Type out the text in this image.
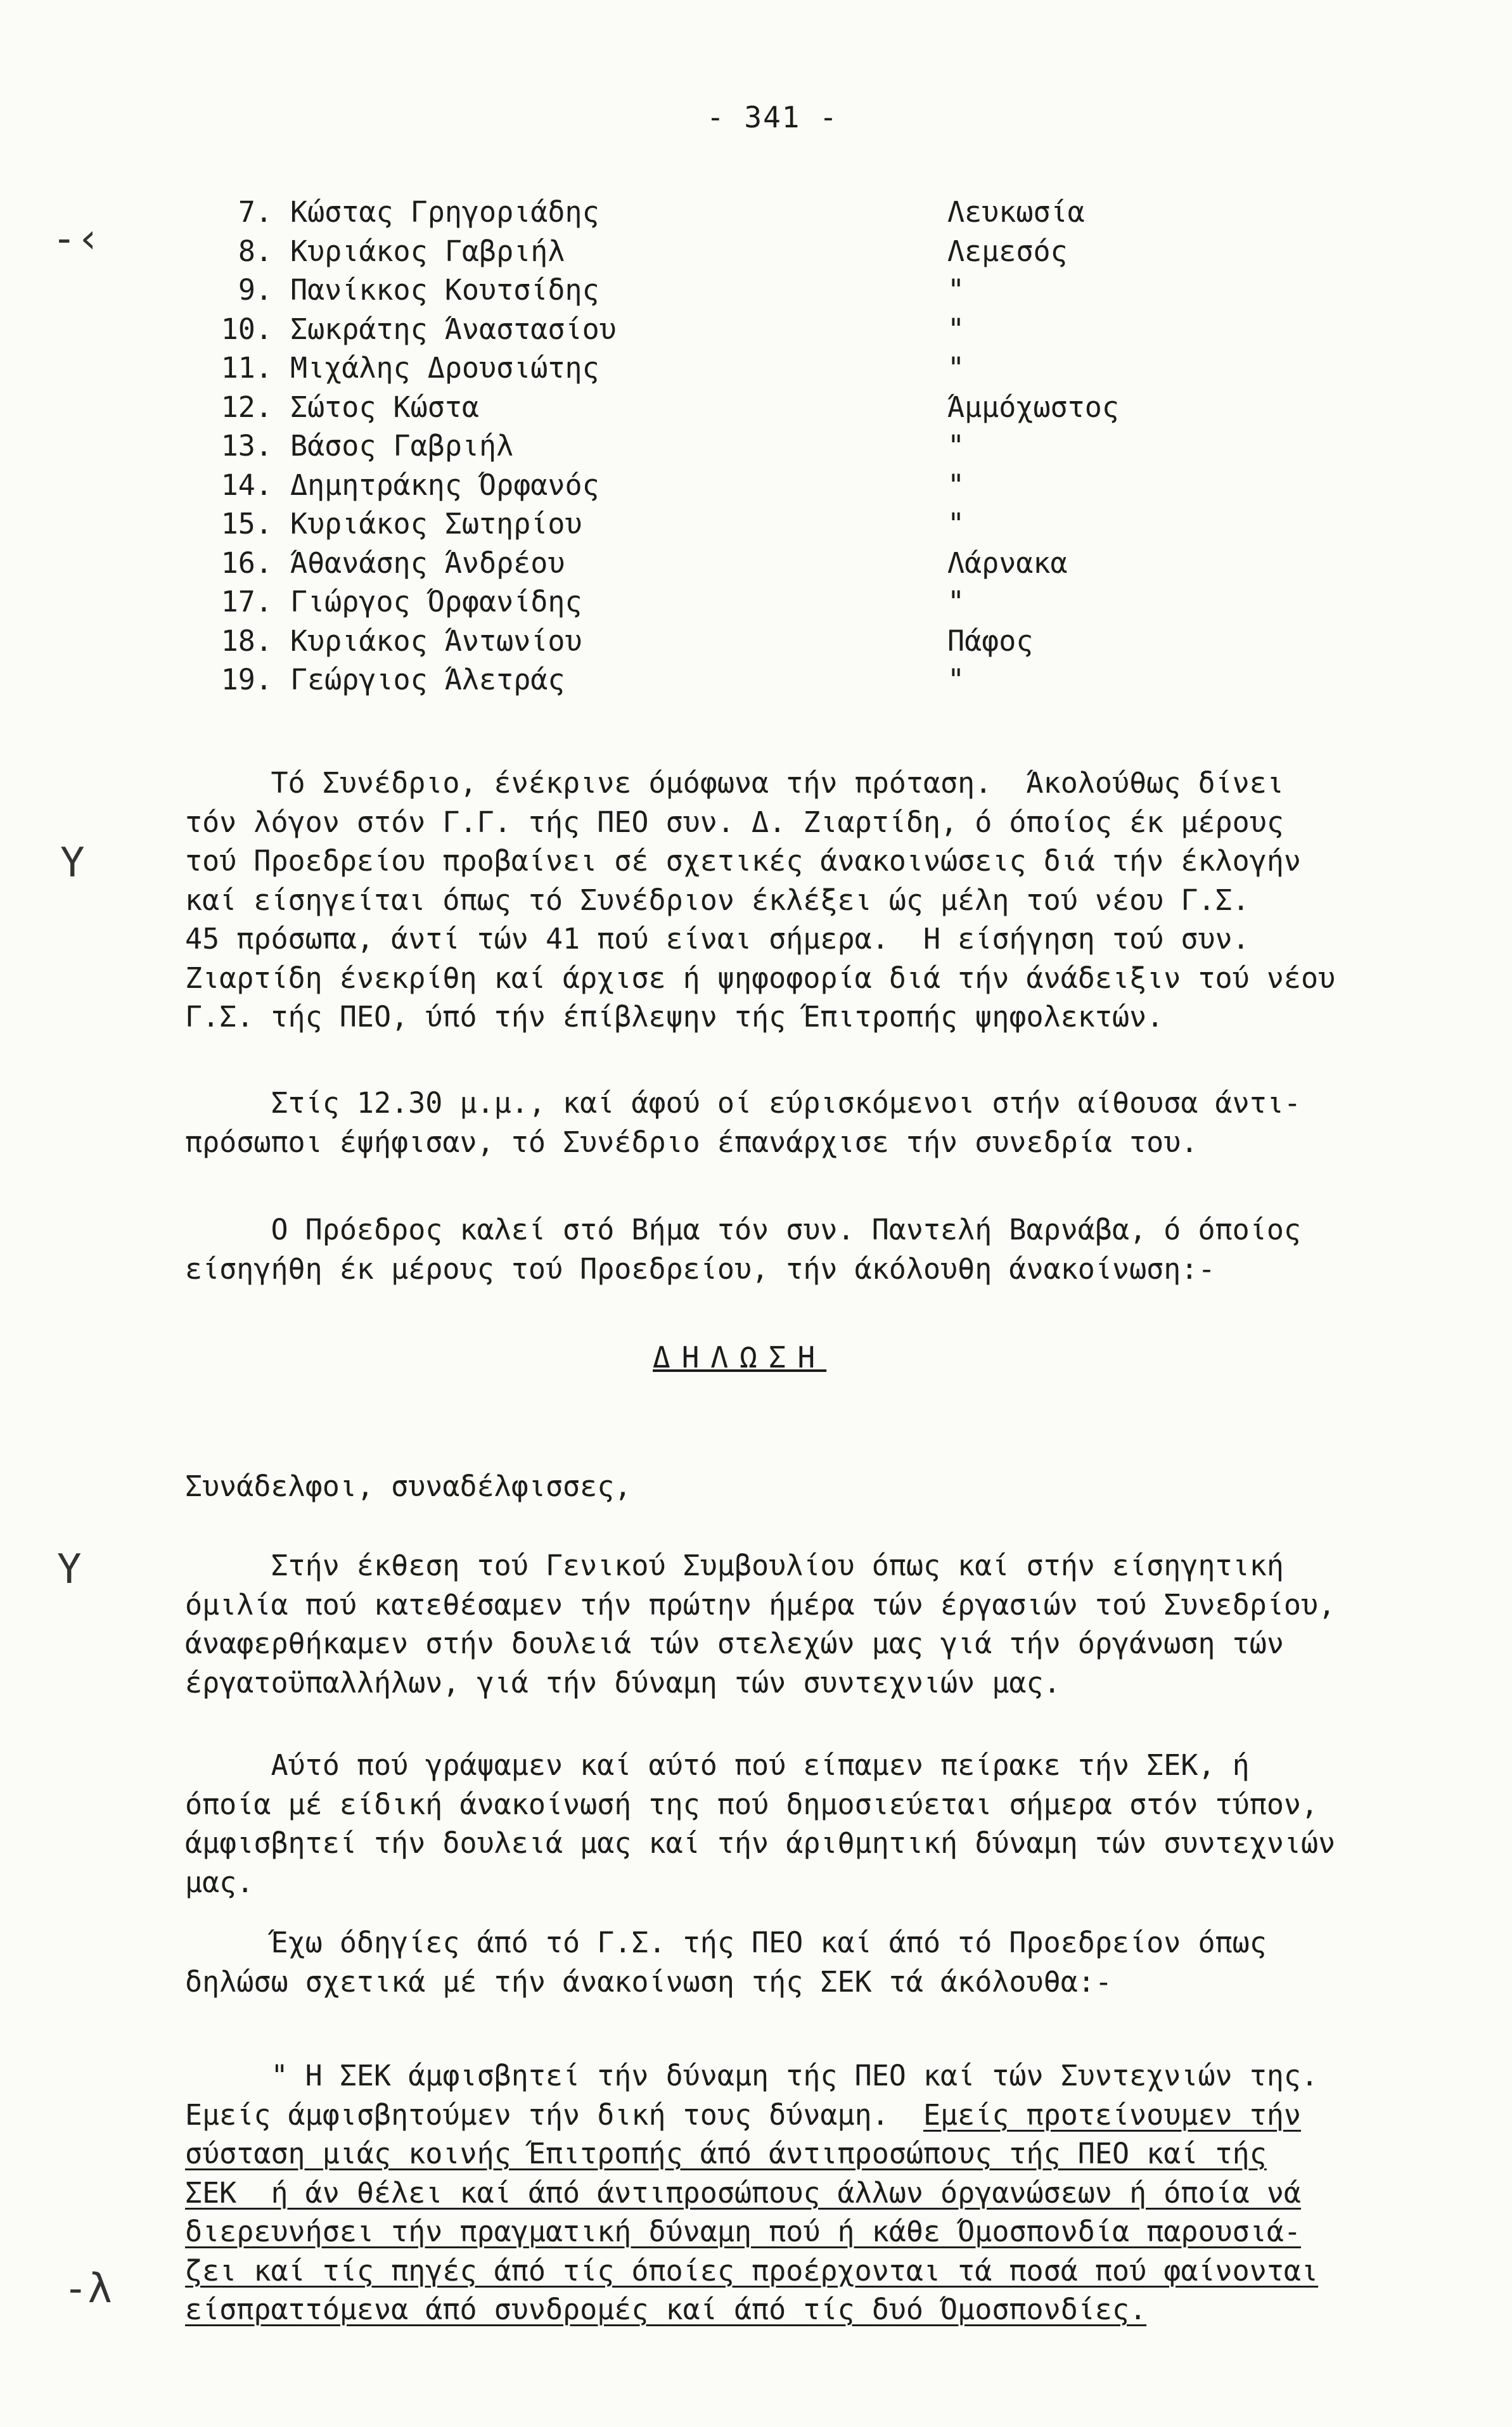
- 341 -
-‹
Y
Y
-λ
7. Κώστας Γρηγοριάδης	Λευκωσία
8. Κυριάκος Γαβριήλ	Λεμεσός
9. Πανίκκος Κουτσίδης	"
10. Σωκράτης Άναστασίου	"
11. Μιχάλης Δρουσιώτης	"
12. Σώτος Κώστα	Άμμόχωστος
13. Βάσος Γαβριήλ	"
14. Δημητράκης Όρφανός	"
15. Κυριάκος Σωτηρίου	"
16. Άθανάσης Άνδρέου	Λάρνακα
17. Γιώργος Όρφανίδης	"
18. Κυριάκος Άντωνίου	Πάφος
19. Γεώργιος Άλετράς	"
Τό Συνέδριο, ένέκρινε όμόφωνα τήν πρόταση.  Άκολούθως δίνει
τόν λόγον στόν Γ.Γ. τής ΠΕΟ συν. Δ. Ζιαρτίδη, ό όποίος έκ μέρους
τού Προεδρείου προβαίνει σέ σχετικές άνακοινώσεις διά τήν έκλογήν
καί είσηγείται όπως τό Συνέδριον έκλέξει ώς μέλη τού νέου Γ.Σ.
45 πρόσωπα, άντί τών 41 πού είναι σήμερα.  Η είσήγηση τού συν.
Ζιαρτίδη ένεκρίθη καί άρχισε ή ψηφοφορία διά τήν άνάδειξιν τού νέου
Γ.Σ. τής ΠΕΟ, ύπό τήν έπίβλεψην τής Έπιτροπής ψηφολεκτών.
Στίς 12.30 μ.μ., καί άφού οί εύρισκόμενοι στήν αίθουσα άντι-
πρόσωποι έψήφισαν, τό Συνέδριο έπανάρχισε τήν συνεδρία του.
Ο Πρόεδρος καλεί στό Βήμα τόν συν. Παντελή Βαρνάβα, ό όποίος
είσηγήθη έκ μέρους τού Προεδρείου, τήν άκόλουθη άνακοίνωση:-
ΔΗΛΩΣΗ
Συνάδελφοι, συναδέλφισσες,
Στήν έκθεση τού Γενικού Συμβουλίου όπως καί στήν είσηγητική
όμιλία πού κατεθέσαμεν τήν πρώτην ήμέρα τών έργασιών τού Συνεδρίου,
άναφερθήκαμεν στήν δουλειά τών στελεχών μας γιά τήν όργάνωση τών
έργατοϋπαλλήλων, γιά τήν δύναμη τών συντεχνιών μας.
Αύτό πού γράψαμεν καί αύτό πού είπαμεν πείρακε τήν ΣΕΚ, ή
όποία μέ είδική άνακοίνωσή της πού δημοσιεύεται σήμερα στόν τύπον,
άμφισβητεί τήν δουλειά μας καί τήν άριθμητική δύναμη τών συντεχνιών
μας.
Έχω όδηγίες άπό τό Γ.Σ. τής ΠΕΟ καί άπό τό Προεδρείον όπως
δηλώσω σχετικά μέ τήν άνακοίνωση τής ΣΕΚ τά άκόλουθα:-
" Η ΣΕΚ άμφισβητεί τήν δύναμη τής ΠΕΟ καί τών Συντεχνιών της.
Εμείς άμφισβητούμεν τήν δική τους δύναμη.  Εμείς προτείνουμεν τήν
σύσταση μιάς κοινής Έπιτροπής άπό άντιπροσώπους τής ΠΕΟ καί τής
ΣΕΚ  ή άν θέλει καί άπό άντιπροσώπους άλλων όργανώσεων ή όποία νά
διερευνήσει τήν πραγματική δύναμη πού ή κάθε Όμοσπονδία παρουσιά-
ζει καί τίς πηγές άπό τίς όποίες προέρχονται τά ποσά πού φαίνονται
είσπραττόμενα άπό συνδρομές καί άπό τίς δυό Όμοσπονδίες.
